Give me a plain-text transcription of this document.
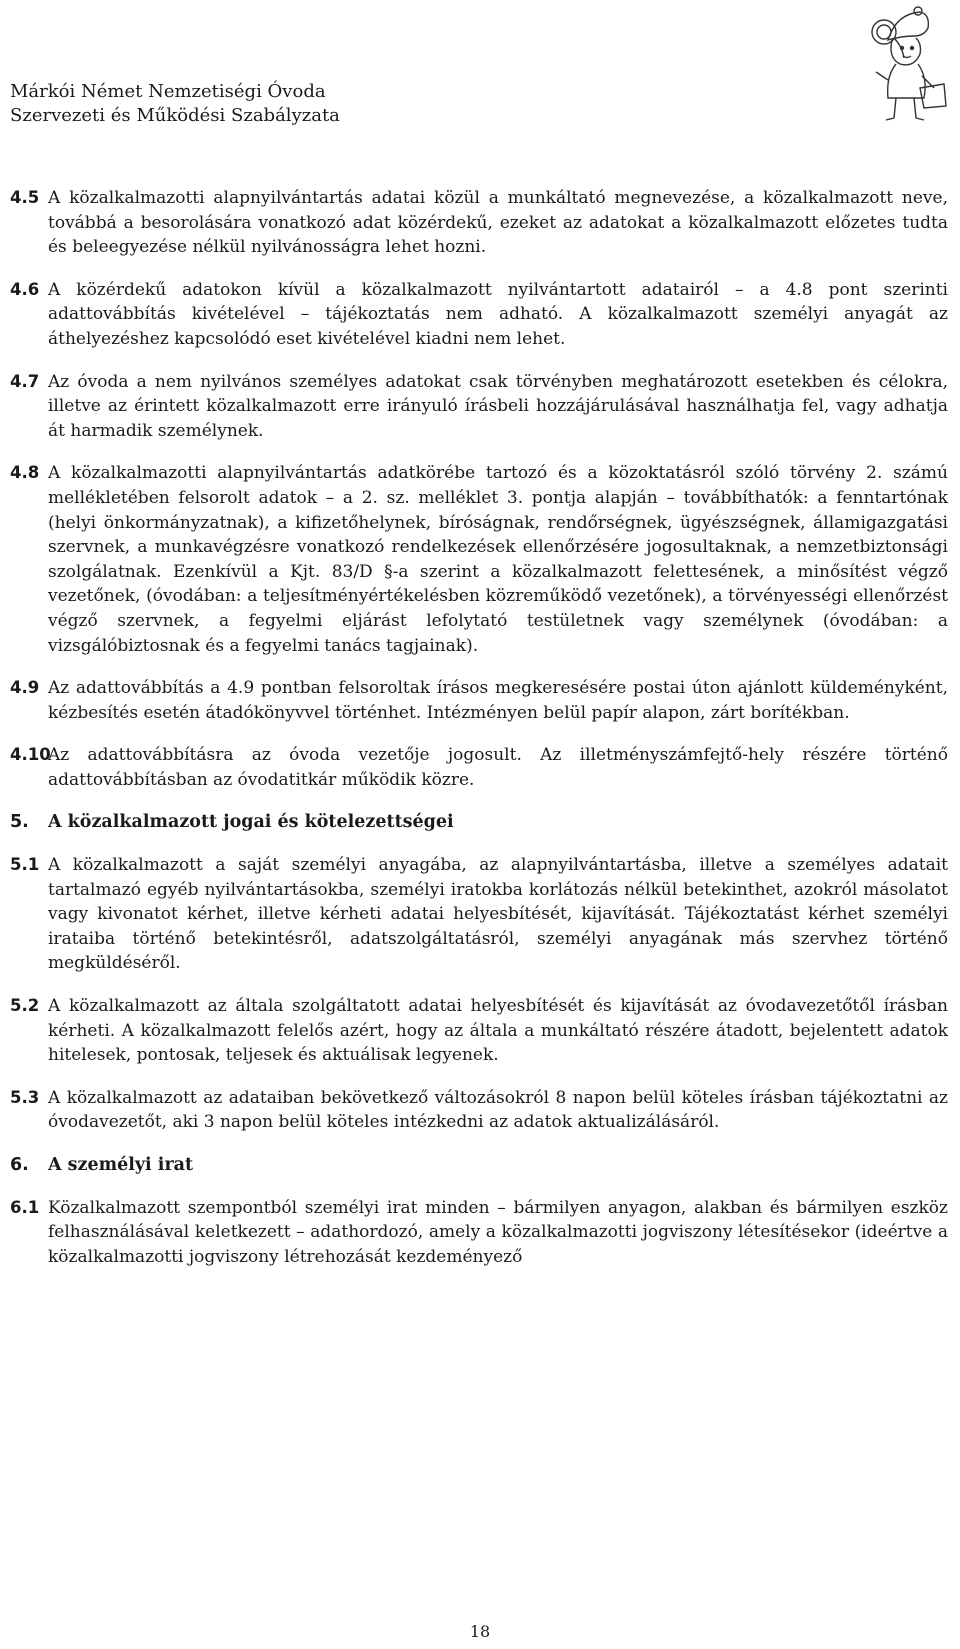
Márkói Német Nemzetiségi Óvoda
Szervezeti és Működési Szabályzata
4.5 A közalkalmazotti alapnyilvántartás adatai közül a munkáltató megnevezése, a közalkalmazott neve, továbbá a besorolására vonatkozó adat közérdekű, ezeket az adatokat a közalkalmazott előzetes tudta és beleegyezése nélkül nyilvánosságra lehet hozni.
4.6 A közérdekű adatokon kívül a közalkalmazott nyilvántartott adatairól – a 4.8 pont szerinti adattovábbítás kivételével – tájékoztatás nem adható. A közalkalmazott személyi anyagát az áthelyezéshez kapcsolódó eset kivételével kiadni nem lehet.
4.7 Az óvoda a nem nyilvános személyes adatokat csak törvényben meghatározott esetekben és célokra, illetve az érintett közalkalmazott erre irányuló írásbeli hozzájárulásával használhatja fel, vagy adhatja át harmadik személynek.
4.8 A közalkalmazotti alapnyilvántartás adatkörébe tartozó és a közoktatásról szóló törvény 2. számú mellékletében felsorolt adatok – a 2. sz. melléklet 3. pontja alapján – továbbíthatók: a fenntartónak (helyi önkormányzatnak), a kifizetőhelynek, bíróságnak, rendőrségnek, ügyészségnek, államigazgatási szervnek, a munkavégzésre vonatkozó rendelkezések ellenőrzésére jogosultaknak, a nemzetbiztonsági szolgálatnak. Ezenkívül a Kjt. 83/D §-a szerint a közalkalmazott felettesének, a minősítést végző vezetőnek, (óvodában: a teljesítményértékelésben közreműködő vezetőnek), a törvényességi ellenőrzést végző szervnek, a fegyelmi eljárást lefolytató testületnek vagy személynek (óvodában: a vizsgálóbiztosnak és a fegyelmi tanács tagjainak).
4.9 Az adattovábbítás a 4.9 pontban felsoroltak írásos megkeresésére postai úton ajánlott küldeményként, kézbesítés esetén átadókönyvvel történhet. Intézményen belül papír alapon, zárt borítékban.
4.10
Az adattovábbításra az óvoda vezetője jogosult. Az illetményszámfejtő-hely részére történő adattovábbításban az óvodatitkár működik közre.
5. A közalkalmazott jogai és kötelezettségei
5.1 A közalkalmazott a saját személyi anyagába, az alapnyilvántartásba, illetve a személyes adatait tartalmazó egyéb nyilvántartásokba, személyi iratokba korlátozás nélkül betekinthet, azokról másolatot vagy kivonatot kérhet, illetve kérheti adatai helyesbítését, kijavítását. Tájékoztatást kérhet személyi irataiba történő betekintésről, adatszolgáltatásról, személyi anyagának más szervhez történő megküldéséről.
5.2 A közalkalmazott az általa szolgáltatott adatai helyesbítését és kijavítását az óvodavezetőtől írásban kérheti. A közalkalmazott felelős azért, hogy az általa a munkáltató részére átadott, bejelentett adatok hitelesek, pontosak, teljesek és aktuálisak legyenek.
5.3 A közalkalmazott az adataiban bekövetkező változásokról 8 napon belül köteles írásban tájékoztatni az óvodavezetőt, aki 3 napon belül köteles intézkedni az adatok aktualizálásáról.
6. A személyi irat
6.1 Közalkalmazott szempontból személyi irat minden – bármilyen anyagon, alakban és bármilyen eszköz felhasználásával keletkezett – adathordozó, amely a közalkalmazotti jogviszony létesítésekor (ideértve a közalkalmazotti jogviszony létrehozását kezdeményező
18
